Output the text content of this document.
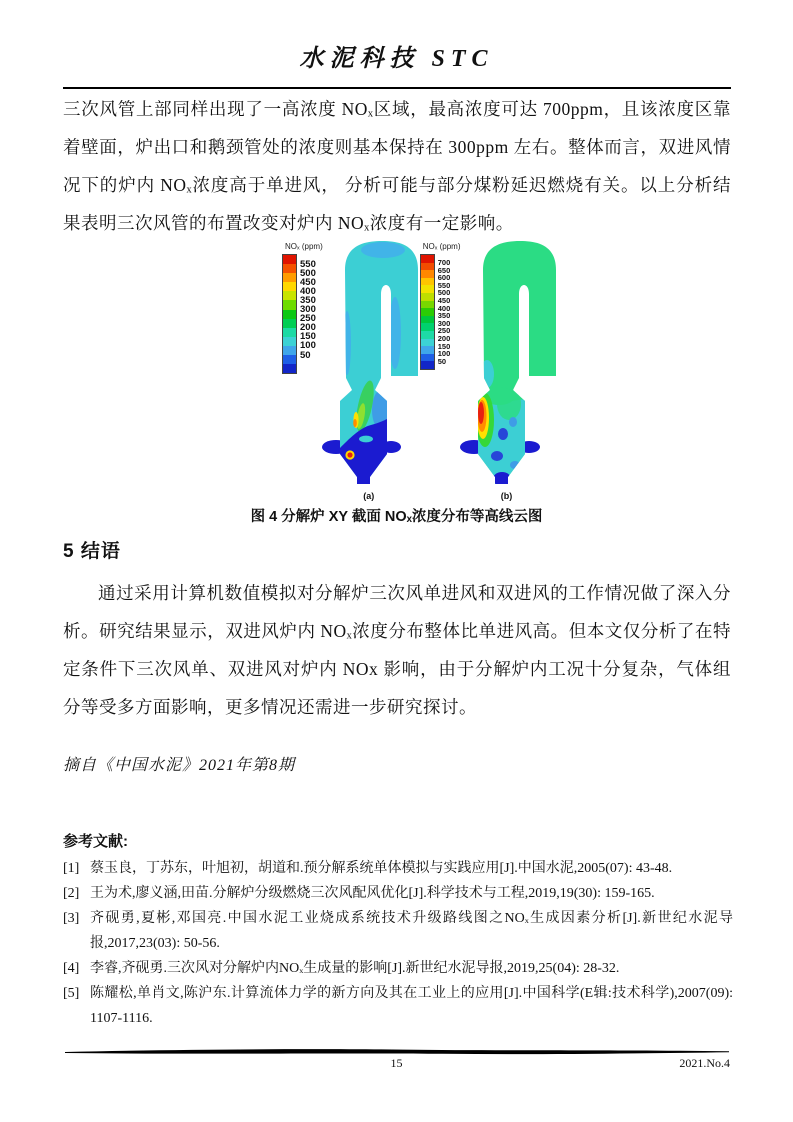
水泥科技 STC
三次风管上部同样出现了一高浓度 NOₓ区域，最高浓度可达 700ppm，且该浓度区靠着壁面，炉出口和鹅颈管处的浓度则基本保持在 300ppm 左右。整体而言，双进风情况下的炉内 NOₓ浓度高于单进风， 分析可能与部分煤粉延迟燃烧有关。以上分析结果表明三次风管的布置改变对炉内 NOₓ浓度有一定影响。
NOₓ (ppm)
550
500
450
400
350
300
250
200
150
100
50
(a)
NOₓ (ppm)
700
650
600
550
500
450
400
350
300
250
200
150
100
50
(b)
图 4 分解炉 XY 截面 NOₓ浓度分布等高线云图
5 结语
通过采用计算机数值模拟对分解炉三次风单进风和双进风的工作情况做了深入分析。研究结果显示，双进风炉内 NOₓ浓度分布整体比单进风高。但本文仅分析了在特定条件下三次风单、双进风对炉内 NOx 影响，由于分解炉内工况十分复杂，气体组分等受多方面影响，更多情况还需进一步研究探讨。
摘自《中国水泥》2021年第8期
参考文献:
[1] 蔡玉良，丁苏东，叶旭初，胡道和.预分解系统单体模拟与实践应用[J].中国水泥,2005(07): 43-48.
[2] 王为术,廖义涵,田苗.分解炉分级燃烧三次风配风优化[J].科学技术与工程,2019,19(30): 159-165.
[3] 齐砚勇,夏彬,邓国亮.中国水泥工业烧成系统技术升级路线图之NOₓ生成因素分析[J].新世纪水泥导报,2017,23(03): 50-56.
[4] 李睿,齐砚勇.三次风对分解炉内NOₓ生成量的影响[J].新世纪水泥导报,2019,25(04): 28-32.
[5] 陈耀松,单肖文,陈沪东.计算流体力学的新方向及其在工业上的应用[J].中国科学(E辑:技术科学),2007(09): 1107-1116.
15	2021.No.4
